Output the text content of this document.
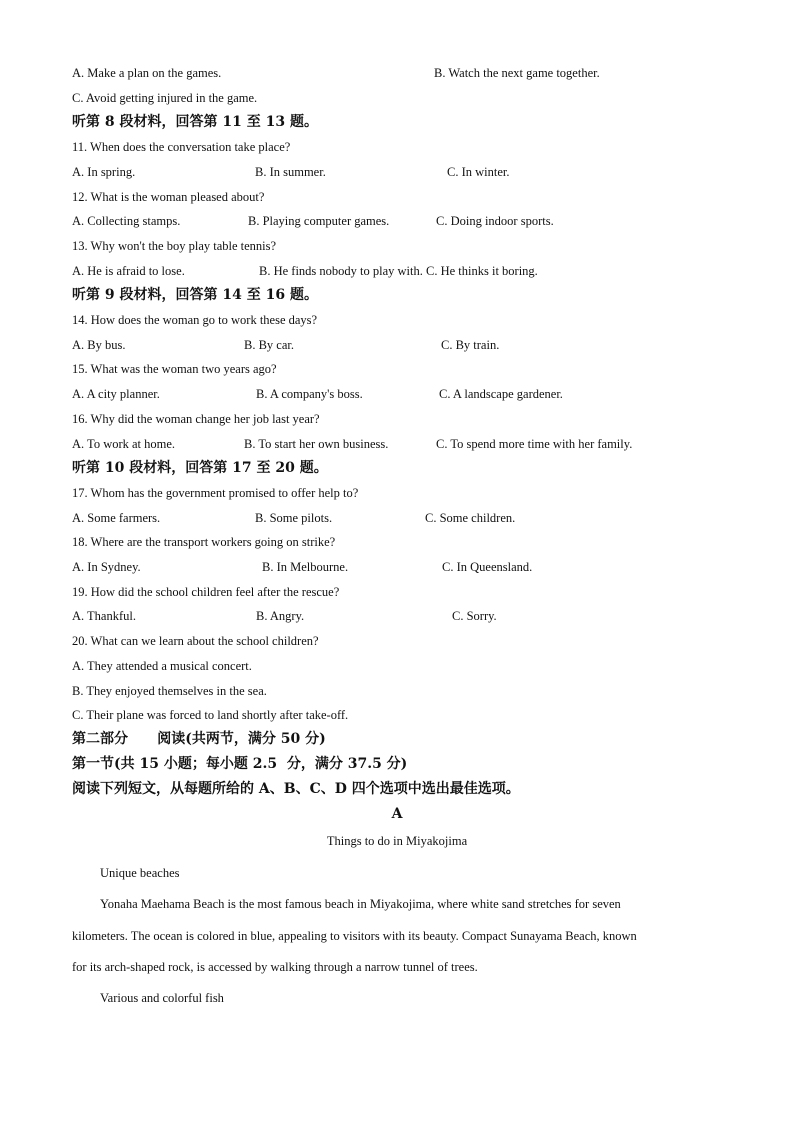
A. Make a plan on the games.	B. Watch the next game together.
C. Avoid getting injured in the game.
听第 8 段材料，回答第 11 至 13 题。
11. When does the conversation take place?
A. In spring.	B. In summer.	C. In winter.
12. What is the woman pleased about?
A. Collecting stamps.	B. Playing computer games.	C. Doing indoor sports.
13. Why won't the boy play table tennis?
A. He is afraid to lose.	B. He finds nobody to play with. C. He thinks it boring.
听第 9 段材料，回答第 14 至 16 题。
14. How does the woman go to work these days?
A. By bus.	B. By car.	C. By train.
15. What was the woman two years ago?
A. A city planner.	B. A company's boss.	C. A landscape gardener.
16. Why did the woman change her job last year?
A. To work at home.	B. To start her own business.	C. To spend more time with her family.
听第 10 段材料，回答第 17 至 20 题。
17. Whom has the government promised to offer help to?
A. Some farmers.	B. Some pilots.	C. Some children.
18. Where are the transport workers going on strike?
A. In Sydney.	B. In Melbourne.	C. In Queensland.
19. How did the school children feel after the rescue?
A. Thankful.	B. Angry.	C. Sorry.
20. What can we learn about the school children?
A. They attended a musical concert.
B. They enjoyed themselves in the sea.
C. Their plane was forced to land shortly after take-off.
第二部分      阅读(共两节，满分 50 分)
第一节(共 15 小题；每小题 2.5  分，满分 37.5 分)
阅读下列短文，从每题所给的 A、B、C、D 四个选项中选出最佳选项。
A
Things to do in Miyakojima
Unique beaches
Yonaha Maehama Beach is the most famous beach in Miyakojima, where white sand stretches for seven
kilometers. The ocean is colored in blue, appealing to visitors with its beauty. Compact Sunayama Beach, known
for its arch-shaped rock, is accessed by walking through a narrow tunnel of trees.
Various and colorful fish
